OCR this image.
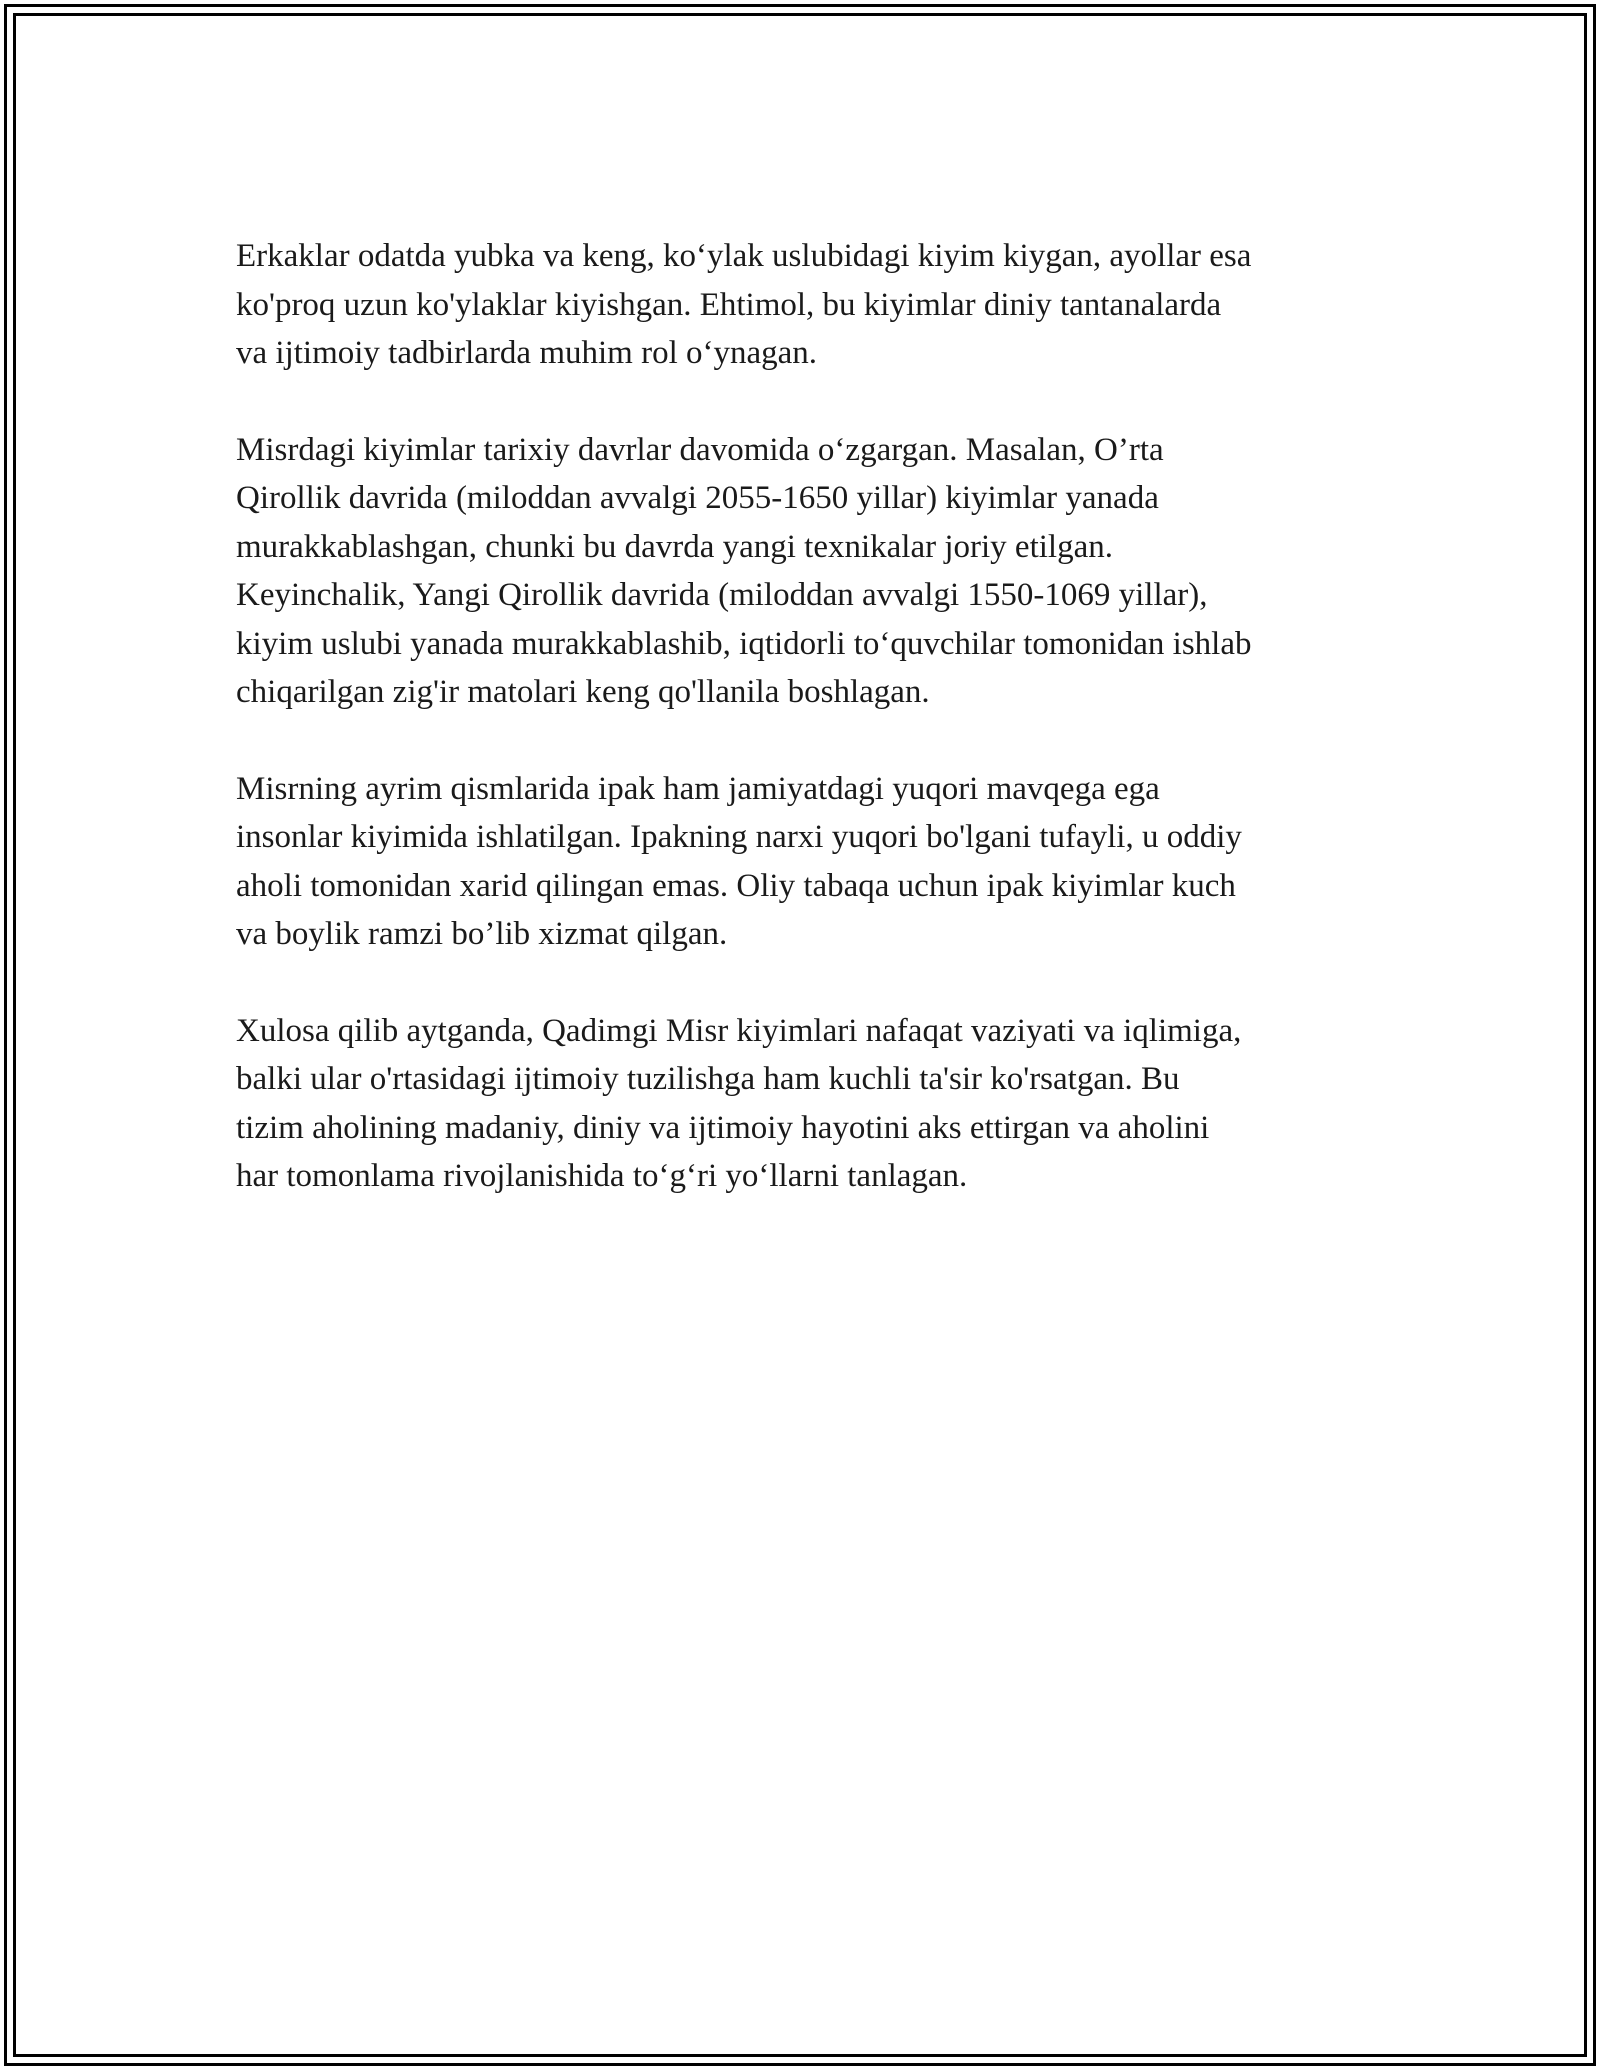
Erkaklar odatda yubka va keng, ko‘ylak uslubidagi kiyim kiygan, ayollar esa
ko'proq uzun ko'ylaklar kiyishgan. Ehtimol, bu kiyimlar diniy tantanalarda
va ijtimoiy tadbirlarda muhim rol o‘ynagan.

Misrdagi kiyimlar tarixiy davrlar davomida o‘zgargan. Masalan, O’rta
Qirollik davrida (miloddan avvalgi 2055-1650 yillar) kiyimlar yanada
murakkablashgan, chunki bu davrda yangi texnikalar joriy etilgan.
Keyinchalik, Yangi Qirollik davrida (miloddan avvalgi 1550-1069 yillar),
kiyim uslubi yanada murakkablashib, iqtidorli to‘quvchilar tomonidan ishlab
chiqarilgan zig'ir matolari keng qo'llanila boshlagan.

Misrning ayrim qismlarida ipak ham jamiyatdagi yuqori mavqega ega
insonlar kiyimida ishlatilgan. Ipakning narxi yuqori bo'lgani tufayli, u oddiy
aholi tomonidan xarid qilingan emas. Oliy tabaqa uchun ipak kiyimlar kuch
va boylik ramzi bo’lib xizmat qilgan.

Xulosa qilib aytganda, Qadimgi Misr kiyimlari nafaqat vaziyati va iqlimiga,
balki ular o'rtasidagi ijtimoiy tuzilishga ham kuchli ta'sir ko'rsatgan. Bu
tizim aholining madaniy, diniy va ijtimoiy hayotini aks ettirgan va aholini
har tomonlama rivojlanishida to‘g‘ri yo‘llarni tanlagan.
